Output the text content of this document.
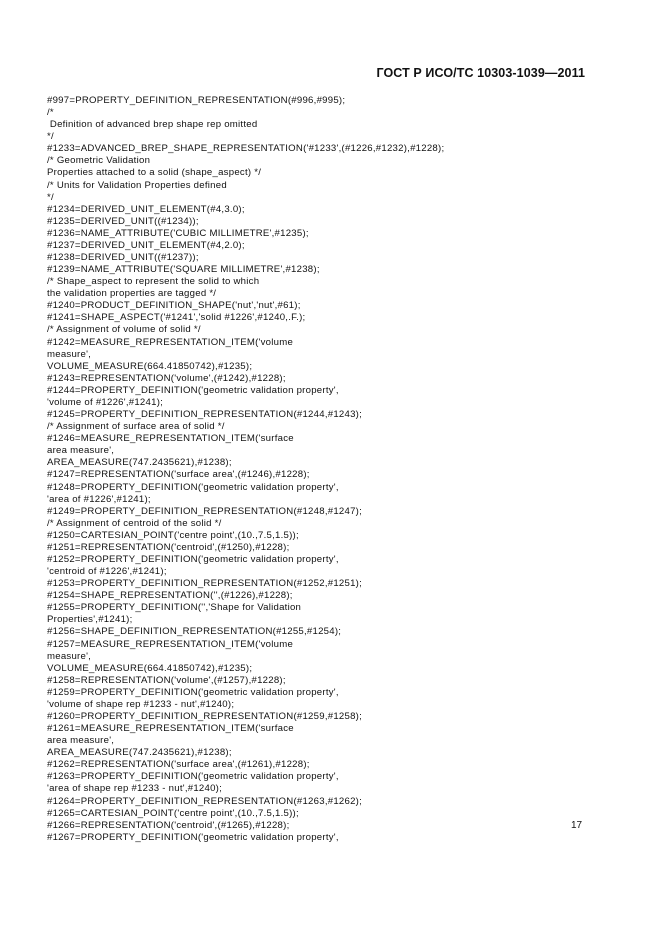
ГОСТ Р ИСО/ТС 10303-1039—2011
#997=PROPERTY_DEFINITION_REPRESENTATION(#996,#995);
/*
Definition of advanced brep shape rep omitted
*/
#1233=ADVANCED_BREP_SHAPE_REPRESENTATION('#1233',(#1226,#1232),#1228);
/* Geometric Validation
Properties attached to a solid (shape_aspect) */
/* Units for Validation Properties defined
*/
#1234=DERIVED_UNIT_ELEMENT(#4,3.0);
#1235=DERIVED_UNIT((#1234));
#1236=NAME_ATTRIBUTE('CUBIC MILLIMETRE',#1235);
#1237=DERIVED_UNIT_ELEMENT(#4,2.0);
#1238=DERIVED_UNIT((#1237));
#1239=NAME_ATTRIBUTE('SQUARE MILLIMETRE',#1238);
/* Shape_aspect to represent the solid to which
the validation properties are tagged */
#1240=PRODUCT_DEFINITION_SHAPE('nut','nut',#61);
#1241=SHAPE_ASPECT('#1241','solid #1226',#1240,.F.);
/* Assignment of volume of solid */
#1242=MEASURE_REPRESENTATION_ITEM('volume
measure',
VOLUME_MEASURE(664.41850742),#1235);
#1243=REPRESENTATION('volume',(#1242),#1228);
#1244=PROPERTY_DEFINITION('geometric validation property',
'volume of #1226',#1241);
#1245=PROPERTY_DEFINITION_REPRESENTATION(#1244,#1243);
/* Assignment of surface area of solid */
#1246=MEASURE_REPRESENTATION_ITEM('surface
area measure',
AREA_MEASURE(747.2435621),#1238);
#1247=REPRESENTATION('surface area',(#1246),#1228);
#1248=PROPERTY_DEFINITION('geometric validation property',
'area of #1226',#1241);
#1249=PROPERTY_DEFINITION_REPRESENTATION(#1248,#1247);
/* Assignment of centroid of the solid */
#1250=CARTESIAN_POINT('centre point',(10.,7.5,1.5));
#1251=REPRESENTATION('centroid',(#1250),#1228);
#1252=PROPERTY_DEFINITION('geometric validation property',
'centroid of #1226',#1241);
#1253=PROPERTY_DEFINITION_REPRESENTATION(#1252,#1251);
#1254=SHAPE_REPRESENTATION('',(#1226),#1228);
#1255=PROPERTY_DEFINITION('','Shape for Validation
Properties',#1241);
#1256=SHAPE_DEFINITION_REPRESENTATION(#1255,#1254);
#1257=MEASURE_REPRESENTATION_ITEM('volume
measure',
VOLUME_MEASURE(664.41850742),#1235);
#1258=REPRESENTATION('volume',(#1257),#1228);
#1259=PROPERTY_DEFINITION('geometric validation property',
'volume of shape rep #1233 - nut',#1240);
#1260=PROPERTY_DEFINITION_REPRESENTATION(#1259,#1258);
#1261=MEASURE_REPRESENTATION_ITEM('surface
area measure',
AREA_MEASURE(747.2435621),#1238);
#1262=REPRESENTATION('surface area',(#1261),#1228);
#1263=PROPERTY_DEFINITION('geometric validation property',
'area of shape rep #1233 - nut',#1240);
#1264=PROPERTY_DEFINITION_REPRESENTATION(#1263,#1262);
#1265=CARTESIAN_POINT('centre point',(10.,7.5,1.5));
#1266=REPRESENTATION('centroid',(#1265),#1228);
#1267=PROPERTY_DEFINITION('geometric validation property',
17
